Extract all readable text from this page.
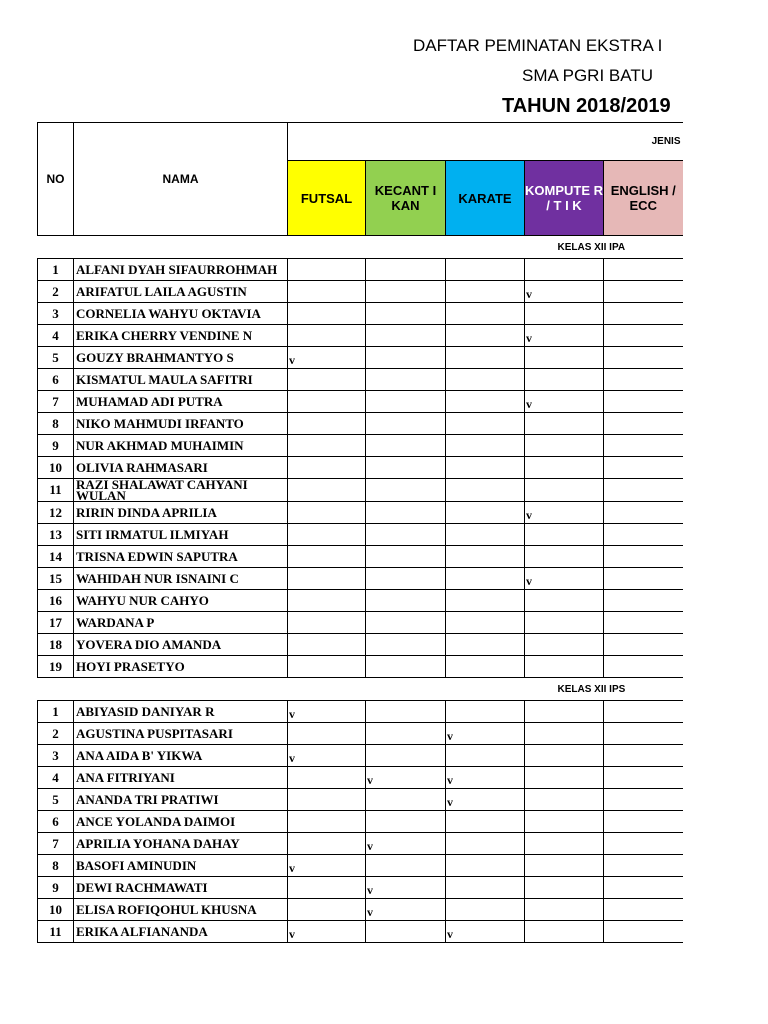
DAFTAR PEMINATAN EKSTRA I
SMA PGRI BATU
TAHUN 2018/2019
NO	NAMA	JENIS				
		FUTSAL	KECANT I KAN	KARATE	KOMPUTE R / T I K	ENGLISH / ECC
KELAS XII IPA						
1	ALFANI DYAH SIFAURROHMAH					
2	ARIFATUL LAILA AGUSTIN				v	
3	CORNELIA WAHYU OKTAVIA					
4	ERIKA CHERRY VENDINE N				v	
5	GOUZY BRAHMANTYO S	v				
6	KISMATUL MAULA SAFITRI					
7	MUHAMAD ADI PUTRA				v	
8	NIKO MAHMUDI IRFANTO					
9	NUR AKHMAD MUHAIMIN					
10	OLIVIA RAHMASARI					
11	RAZI SHALAWAT CAHYANI WULAN					
12	RIRIN DINDA APRILIA				v	
13	SITI IRMATUL ILMIYAH					
14	TRISNA EDWIN SAPUTRA					
15	WAHIDAH NUR ISNAINI C				v	
16	WAHYU NUR CAHYO					
17	WARDANA P					
18	YOVERA DIO AMANDA					
19	HOYI PRASETYO					
KELAS XII IPS						
1	ABIYASID DANIYAR R	v				
2	AGUSTINA PUSPITASARI			v		
3	ANA AIDA B' YIKWA	v				
4	ANA FITRIYANI		v	v		
5	ANANDA TRI PRATIWI			v		
6	ANCE YOLANDA DAIMOI					
7	APRILIA YOHANA DAHAY		v			
8	BASOFI AMINUDIN	v				
9	DEWI RACHMAWATI		v			
10	ELISA ROFIQOHUL KHUSNA		v			
11	ERIKA ALFIANANDA	v		v		
